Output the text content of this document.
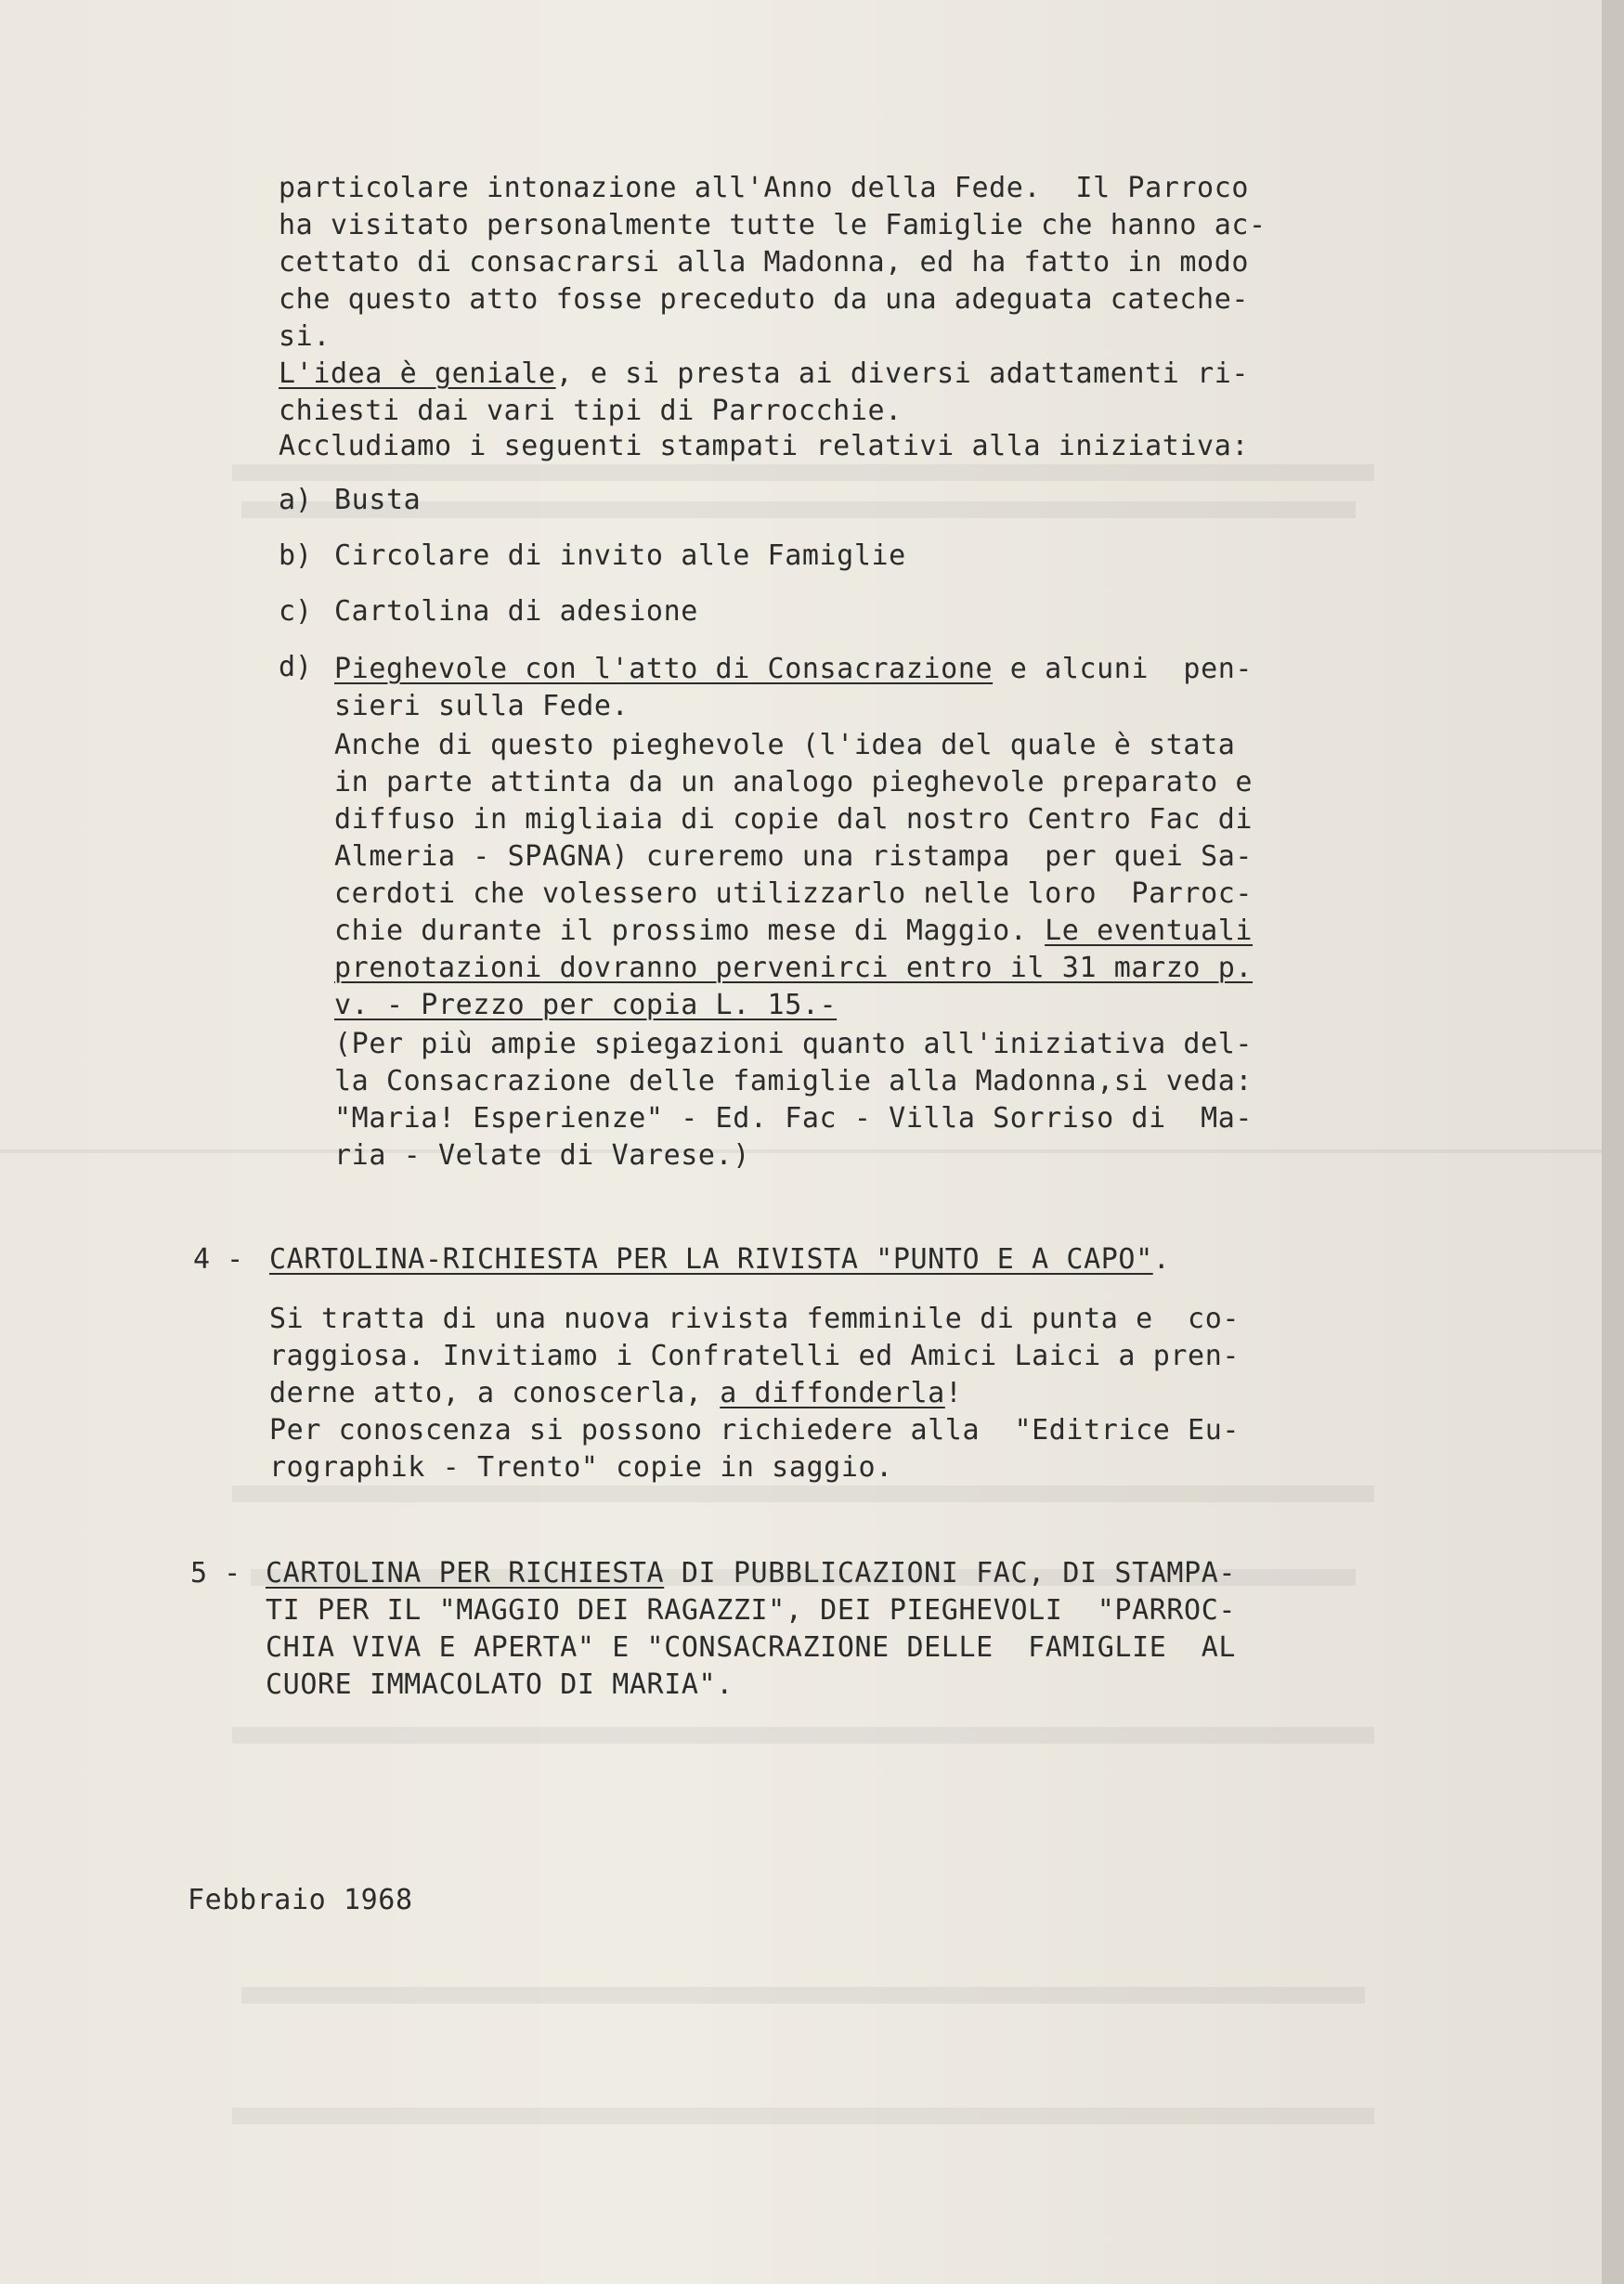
particolare intonazione all'Anno della Fede.  Il Parroco
ha visitato personalmente tutte le Famiglie che hanno ac-
cettato di consacrarsi alla Madonna, ed ha fatto in modo
che questo atto fosse preceduto da una adeguata cateche-
si.
L'idea è geniale, e si presta ai diversi adattamenti ri-
chiesti dai vari tipi di Parrocchie.
Accludiamo i seguenti stampati relativi alla iniziativa:
a) Busta
b) Circolare di invito alle Famiglie
c) Cartolina di adesione
d) Pieghevole con l'atto di Consacrazione e alcuni  pen-
sieri sulla Fede.
Anche di questo pieghevole (l'idea del quale è stata
in parte attinta da un analogo pieghevole preparato e
diffuso in migliaia di copie dal nostro Centro Fac di
Almeria - SPAGNA) cureremo una ristampa  per quei Sa-
cerdoti che volessero utilizzarlo nelle loro  Parroc-
chie durante il prossimo mese di Maggio. Le eventuali
prenotazioni dovranno pervenirci entro il 31 marzo p.
v. - Prezzo per copia L. 15.-
(Per più ampie spiegazioni quanto all'iniziativa del-
la Consacrazione delle famiglie alla Madonna,si veda:
"Maria! Esperienze" - Ed. Fac - Villa Sorriso di  Ma-
ria - Velate di Varese.)
4 - CARTOLINA-RICHIESTA PER LA RIVISTA "PUNTO E A CAPO".
Si tratta di una nuova rivista femminile di punta e  co-
raggiosa. Invitiamo i Confratelli ed Amici Laici a pren-
derne atto, a conoscerla, a diffonderla!
Per conoscenza si possono richiedere alla  "Editrice Eu-
rographik - Trento" copie in saggio.
5 - CARTOLINA PER RICHIESTA DI PUBBLICAZIONI FAC, DI STAMPA-
TI PER IL "MAGGIO DEI RAGAZZI", DEI PIEGHEVOLI  "PARROC-
CHIA VIVA E APERTA" E "CONSACRAZIONE DELLE  FAMIGLIE  AL
CUORE IMMACOLATO DI MARIA".
Febbraio 1968
